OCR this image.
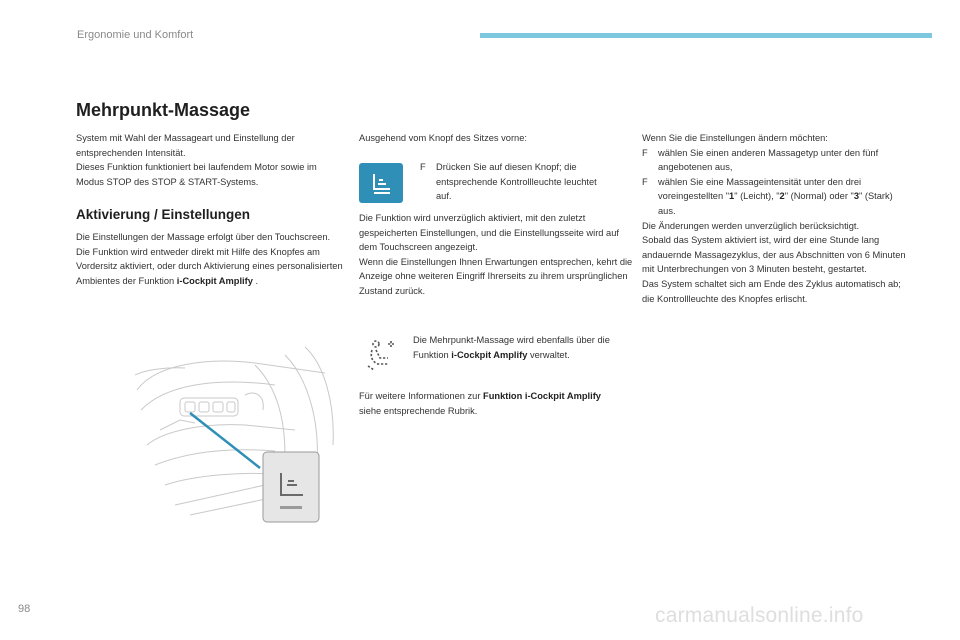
Ergonomie und Komfort
Mehrpunkt-Massage

System mit Wahl der Massageart und Einstellung der entsprechenden Intensität.

Dieses Funktion funktioniert bei laufendem Motor sowie im Modus STOP des STOP & START-Systems.

Aktivierung / Einstellungen

Die Einstellungen der Massage erfolgt über den Touchscreen.

Die Funktion wird entweder direkt mit Hilfe des Knopfes am Vordersitz aktiviert, oder durch Aktivierung eines personalisierten Ambientes der Funktion i-Cockpit Amplify .

Ausgehend vom Knopf des Sitzes vorne:
F	Drücken Sie auf diesen Knopf; die entsprechende Kontrollleuchte leuchtet auf.

Die Funktion wird unverzüglich aktiviert, mit den zuletzt gespeicherten Einstellungen, und die Einstellungsseite wird auf dem Touchscreen angezeigt.

Wenn die Einstellungen Ihnen Erwartungen entsprechen, kehrt die Anzeige ohne weiteren Eingriff Ihrerseits zu ihrem ursprünglichen Zustand zurück.

Die Mehrpunkt-Massage wird ebenfalls über die Funktion i-Cockpit Amplify verwaltet.
Für weitere Informationen zur Funktion i-Cockpit Amplify siehe entsprechende Rubrik.

Wenn Sie die Einstellungen ändern möchten:

F	wählen Sie einen anderen Massagetyp unter den fünf angebotenen aus,
F	wählen Sie eine Massageintensität unter den drei voreingestellten "1" (Leicht), "2" (Normal) oder "3" (Stark) aus.

Die Änderungen werden unverzüglich berücksichtigt.

Sobald das System aktiviert ist, wird der eine Stunde lang andauernde Massagezyklus, der aus Abschnitten von 6 Minuten mit Unterbrechungen von 3 Minuten besteht, gestartet.

Das System schaltet sich am Ende des Zyklus automatisch ab; die Kontrollleuchte des Knopfes erlischt.

98	carmanualsonline.info
